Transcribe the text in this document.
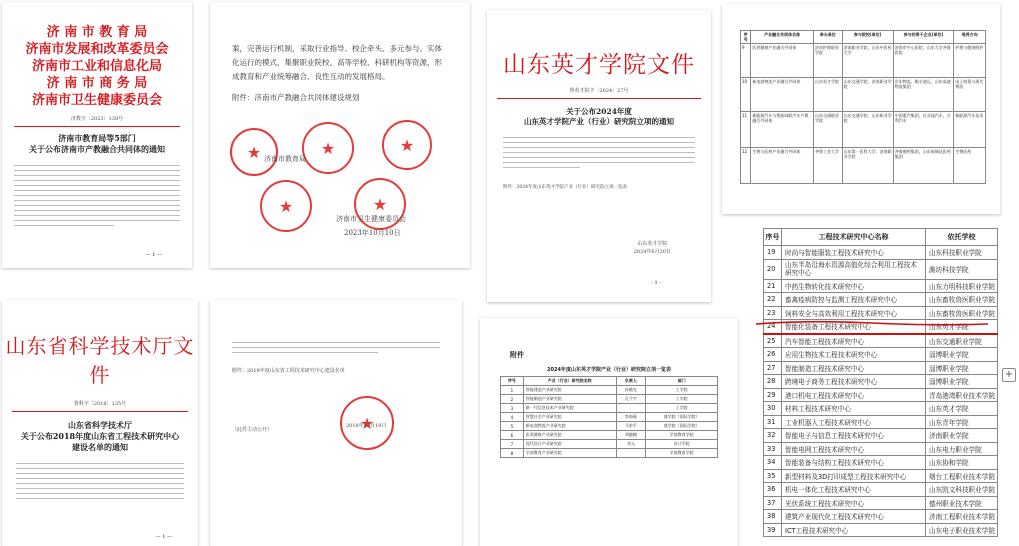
济 南 市 教 育 局
济南市发展和改革委员会
济南市工业和信息化局
济 南 市 商 务 局
济南市卫生健康委员会
济教字〔2023〕138号
济南市教育局等5部门
关于公布济南市产教融合共同体的通知
— 1 —
案，完善运行机制，采取行业指导、校企牵头、多元参与、实体化运行的模式，集聚职业院校、高等学校、科研机构等资源，形成教育和产业统筹融合、良性互动的发展格局。
附件：济南市产教融合共同体建设规划
★
★
★
★
★
济南市教育局
济南市卫生健康委员会
2023年10月10日
山东英才学院文件
鲁英才院字〔2024〕27号
关于公布2024年度
山东英才学院产业（行业）研究院立项的通知
附件：2024年度山东英才学院产业（行业）研究院立项一览表
山东英才学院
2024年6月20日
- 1 -
序号	产业融合共同体名称	牵头单位	参与院校(单位)	参与的骨干企业(单位)	培养方向
9	医养健康产业融合共同体	济南护理职业学院	济南职业学院、山东中医药大学	济南市中心医院、山东大学齐鲁医院	护理与健康照护
10	新电商物流产业融合共同体	山东英才学院	山东交通学院、济南职业学院	京东物流、顺丰速运、山东高速物流集团	电子商务与现代物流
11	新能源汽车与智能网联汽车产教融合共同体	山东交通职业学院	山东交通学院、山东职业学院	中国重汽集团、比亚迪汽车、吉利汽车	新能源汽车技术
12	生物与医药产业融合共同体	齐鲁工业大学	山东第一医科大学、济南职业学院	齐鲁制药集团、山东福瑞达医药集团	生物医药
山东省科学技术厅文件
鲁科字〔2018〕135号
山东省科学技术厅
关于公布2018年度山东省工程技术研究中心
建设名单的通知
— 1 —
附件：2018年度山东省工程技术研究中心建设名单
★
2018年12月19日
（此件主动公开）
附件
2024年度山东英才学院产业（行业）研究院立项一览表
序号	产业（行业）研究院名称	负责人	部门
1	智能建造产业研究院	孙晓光	工学院
2	智能制造产业研究院	孔令宇	工学院
3	新一代信息技术产业研究院		工学院
4	智慧社会产业研究院	李海燕	商学院（国际学院）
5	新电商物流产业研究院	马荣平	商学院（国际学院）
6	医养健康产业研究院	刘晓楠	学前教育学院
7	现代设计产业研究院	刘元	设计学院
8	学前教育产业研究院		学前教育学院
序号	工程技术研究中心名称	依托学校
19	时尚与智能服装工程技术研究中心	山东科技职业学院
20	山东半岛沿海水资源高值化综合利用工程技术研究中心	潍坊科技学院
21	中药生物转化技术研究中心	山东力明科技职业学院
22	畜禽疫病防控与监测工程技术研究中心	山东畜牧兽医职业学院
23	饲料安全与高效利用工程技术研究中心	山东畜牧兽医职业学院
24	智能化装备工程技术研究中心	山东英才学院
25	汽车智能工程技术研究中心	山东交通职业学院
26	应用生物技术工程技术研究中心	淄博职业学院
27	智能制造工程技术研究中心	淄博职业学院
28	跨境电子商务工程技术研究中心	淄博职业学院
29	港口机电工程技术研究中心	青岛港湾职业技术学院
30	材料工程技术研究中心	山东英才学院
31	工业机器人工程技术研究中心	山东青年学院
32	智能电子与信息工程技术研究中心	济南职业学院
33	智能电网工程技术研究中心	山东电力职业学院
34	智能装备与结构工程技术研究中心	山东协和学院
35	新型材料及3D打印成型工程技术研究中心	烟台工程职业技术学院
36	机电一体化工程技术研究中心	山东凯文科技职业学院
37	光伏系统工程技术研究中心	德州职业技术学院
38	建筑产业现代化工程技术研究中心	济南工程职业技术学院
39	ICT工程技术研究中心	山东电子职业技术学院
+
